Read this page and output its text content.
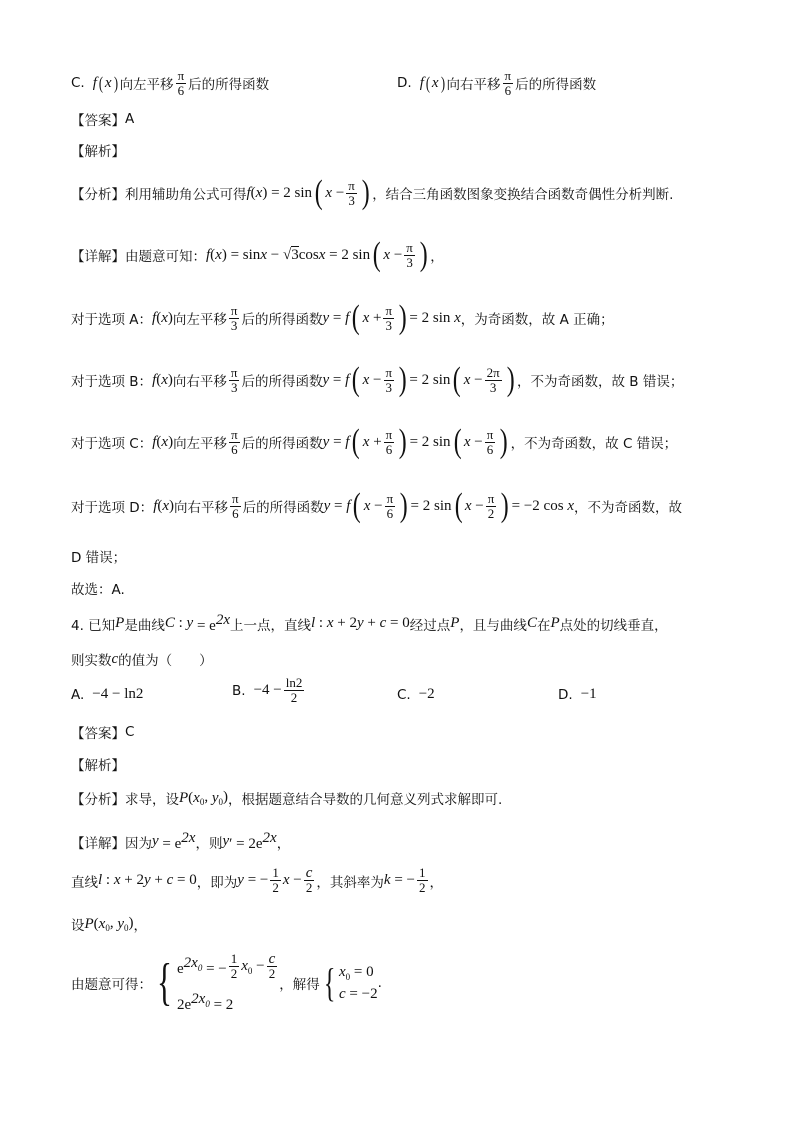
C. f ( x ) 向左平移 $\frac{\pi}{6}$ 后的所得函数	D. f ( x ) 向右平移 $\frac{\pi}{6}$ 后的所得函数
【答案】 A
【解析】
【分析】 利用辅助角公式可得 f ( x ) = 2 sin ( $x - \frac{\pi}{3}$ ) ，结合三角函数图象变换结合函数奇偶性分析判断.
【详解】 由题意可知： f ( x ) = sin x − √3cos x = 2 sin ( $x - \frac{\pi}{3}$ ) ，
对于选项 A： f ( x ) 向左平移 $\frac{\pi}{3}$ 后的所得函数 y = f ( $x + \frac{\pi}{3}$ ) = 2 sin x ，为奇函数，故 A 正确；
对于选项 B： f ( x ) 向右平移 $\frac{\pi}{3}$ 后的所得函数 y = f ( $x - \frac{\pi}{3}$ ) = 2 sin ( $x - \frac{2\pi}{3}$ ) ，不为奇函数，故 B 错误；
对于选项 C： f ( x ) 向左平移 $\frac{\pi}{6}$ 后的所得函数 y = f ( $x + \frac{\pi}{6}$ ) = 2 sin ( $x - \frac{\pi}{6}$ ) ，不为奇函数，故 C 错误；
对于选项 D： f ( x ) 向右平移 $\frac{\pi}{6}$ 后的所得函数 y = f ( $x - \frac{\pi}{6}$ ) = 2 sin ( $x - \frac{\pi}{2}$ ) = −2 cos x ，不为奇函数，故
D 错误；
故选：A.
4. 已知 P 是曲线 C : $y = e^{2x}$ 上一点，直线 l : x + 2 y + c = 0 经过点 P ，且与曲线 C 在 P 点处的切线垂直，
则实数 c 的值为（　　）
A. −4 − ln2	B. $-4 - \frac{\ln 2}{2}$	C. −2	D. −1
【答案】 C
【解析】
【分析】 求导，设 P ( x $_0$, y $_0$) ，根据题意结合导数的几何意义列式求解即可.
【详解】 因为 $y = e^{2x}$ ，则 y ′ = $2e^{2x}$ ，
直线 l : x + 2 y + c = 0 ，即为 y = − $\frac{1}{2}$ $x - \frac{c}{2}$ ，其斜率为 k = − $\frac{1}{2}$ ，
设 P ( x $_0$, y $_0$) ，
由题意可得： { $e^{2x_0}$ = − $\frac{1}{2}$ x $_0 - \frac{c}{2}$
$2e^{2x_0} = 2$
，解得 { $x_0 = 0$
c = −2
.
